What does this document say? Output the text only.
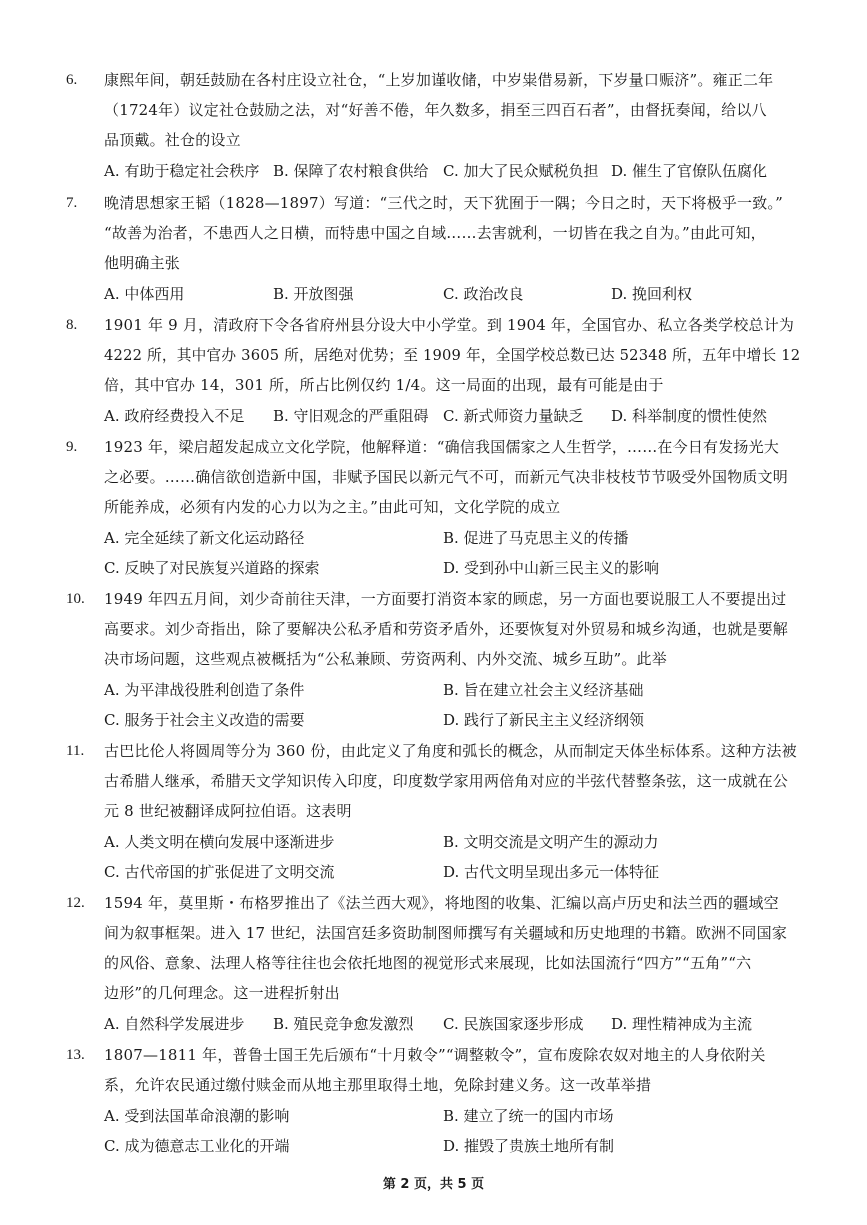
6. 康熙年间，朝廷鼓励在各村庄设立社仓，“上岁加谨收储，中岁粜借易新，下岁量口赈济”。雍正二年
（1724年）议定社仓鼓励之法，对“好善不倦，年久数多，捐至三四百石者”，由督抚奏闻，给以八
品顶戴。社仓的设立
A. 有助于稳定社会秩序 B. 保障了农村粮食供给 C. 加大了民众赋税负担 D. 催生了官僚队伍腐化
7. 晚清思想家王韬（1828—1897）写道：“三代之时，天下犹囿于一隅；今日之时，天下将极乎一致。”
“故善为治者，不患西人之日横，而特患中国之自域……去害就利，一切皆在我之自为。”由此可知，
他明确主张
A. 中体西用	B. 开放图强	C. 政治改良	D. 挽回利权
8. 1901 年 9 月，清政府下令各省府州县分设大中小学堂。到 1904 年，全国官办、私立各类学校总计为
4222 所，其中官办 3605 所，居绝对优势；至 1909 年，全国学校总数已达 52348 所，五年中增长 12
倍，其中官办 14，301 所，所占比例仅约 1/4。这一局面的出现，最有可能是由于
A. 政府经费投入不足 B. 守旧观念的严重阻碍 C. 新式师资力量缺乏 D. 科举制度的惯性使然
9. 1923 年，梁启超发起成立文化学院，他解释道：“确信我国儒家之人生哲学，……在今日有发扬光大
之必要。……确信欲创造新中国，非赋予国民以新元气不可，而新元气决非枝枝节节吸受外国物质文明
所能养成，必须有内发的心力以为之主。”由此可知，文化学院的成立
A. 完全延续了新文化运动路径	B. 促进了马克思主义的传播
C. 反映了对民族复兴道路的探索	D. 受到孙中山新三民主义的影响
10. 1949 年四五月间，刘少奇前往天津，一方面要打消资本家的顾虑，另一方面也要说服工人不要提出过
高要求。刘少奇指出，除了要解决公私矛盾和劳资矛盾外，还要恢复对外贸易和城乡沟通，也就是要解
决市场问题，这些观点被概括为“公私兼顾、劳资两利、内外交流、城乡互助”。此举
A. 为平津战役胜利创造了条件	B. 旨在建立社会主义经济基础
C. 服务于社会主义改造的需要	D. 践行了新民主主义经济纲领
11. 古巴比伦人将圆周等分为 360 份，由此定义了角度和弧长的概念，从而制定天体坐标体系。这种方法被
古希腊人继承，希腊天文学知识传入印度，印度数学家用两倍角对应的半弦代替整条弦，这一成就在公
元 8 世纪被翻译成阿拉伯语。这表明
A. 人类文明在横向发展中逐渐进步	B. 文明交流是文明产生的源动力
C. 古代帝国的扩张促进了文明交流	D. 古代文明呈现出多元一体特征
12. 1594 年，莫里斯・布格罗推出了《法兰西大观》，将地图的收集、汇编以高卢历史和法兰西的疆域空
间为叙事框架。进入 17 世纪，法国宫廷多资助制图师撰写有关疆域和历史地理的书籍。欧洲不同国家
的风俗、意象、法理人格等往往也会依托地图的视觉形式来展现，比如法国流行“四方”“五角”“六
边形”的几何理念。这一进程折射出
A. 自然科学发展进步 B. 殖民竞争愈发激烈 C. 民族国家逐步形成 D. 理性精神成为主流
13. 1807—1811 年，普鲁士国王先后颁布“十月敕令”“调整敕令”，宣布废除农奴对地主的人身依附关
系，允许农民通过缴付赎金而从地主那里取得土地，免除封建义务。这一改革举措
A. 受到法国革命浪潮的影响	B. 建立了统一的国内市场
C. 成为德意志工业化的开端	D. 摧毁了贵族土地所有制
第 2 页，共 5 页
